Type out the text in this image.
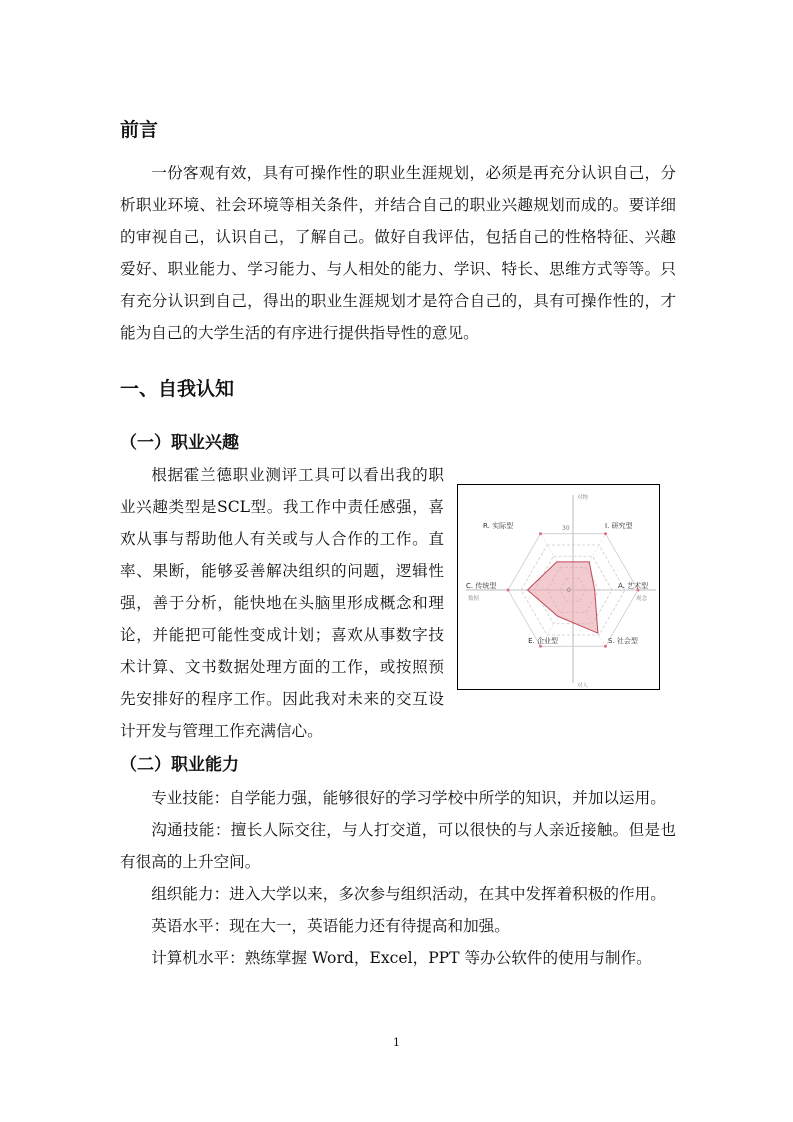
前言

一份客观有效，具有可操作性的职业生涯规划，必须是再充分认识自己，分析职业环境、社会环境等相关条件，并结合自己的职业兴趣规划而成的。要详细的审视自己，认识自己，了解自己。做好自我评估，包括自己的性格特征、兴趣爱好、职业能力、学习能力、与人相处的能力、学识、特长、思维方式等等。只有充分认识到自己，得出的职业生涯规划才是符合自己的，具有可操作性的，才能为自己的大学生活的有序进行提供指导性的意见。

一、自我认知
（一）职业兴趣

根据霍兰德职业测评工具可以看出我的职业兴趣类型是SCL型。我工作中责任感强，喜欢从事与帮助他人有关或与人合作的工作。直率、果断，能够妥善解决组织的问题，逻辑性强，善于分析，能快地在头脑里形成概念和理论，并能把可能性变成计划；喜欢从事数字技术计算、文书数据处理方面的工作，或按照预先安排好的程序工作。因此我对未来的交互设计开发与管理工作充满信心。

R. 实际型	I. 研究型
A. 艺术型
S. 社会型
E. 企业型
C. 传统型
对物
对人
数据	观念
30
0
（二）职业能力

专业技能：自学能力强，能够很好的学习学校中所学的知识，并加以运用。

沟通技能：擅长人际交往，与人打交道，可以很快的与人亲近接触。但是也有很高的上升空间。

组织能力：进入大学以来，多次参与组织活动，在其中发挥着积极的作用。

英语水平：现在大一，英语能力还有待提高和加强。

计算机水平：熟练掌握 Word，Excel，PPT 等办公软件的使用与制作。

1
